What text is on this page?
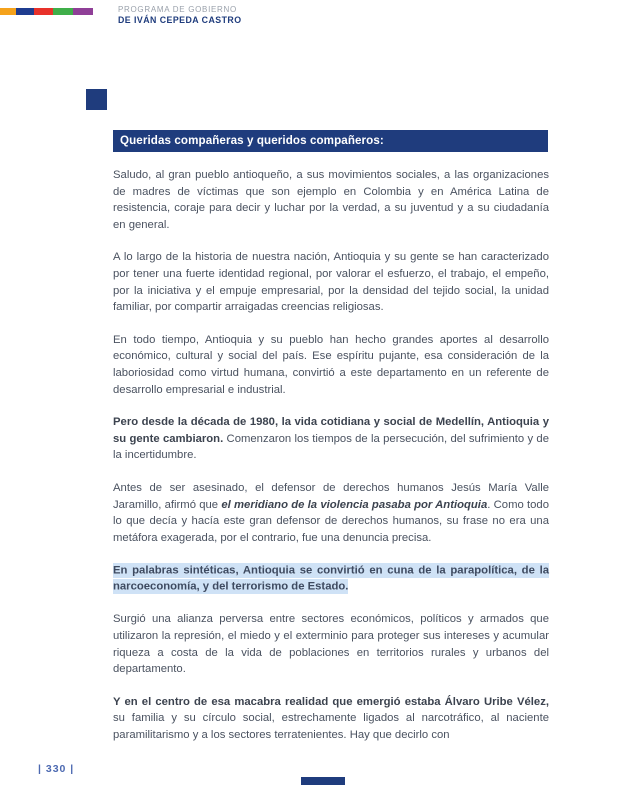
PROGRAMA DE GOBIERNO
DE IVÁN CEPEDA CASTRO
Queridas compañeras y queridos compañeros:

Saludo, al gran pueblo antioqueño, a sus movimientos sociales, a las organizaciones de madres de víctimas que son ejemplo en Colombia y en América Latina de resistencia, coraje para decir y luchar por la verdad, a su juventud y a su ciudadanía en general.

A lo largo de la historia de nuestra nación, Antioquia y su gente se han caracterizado por tener una fuerte identidad regional, por valorar el esfuerzo, el trabajo, el empeño, por la iniciativa y el empuje empresarial, por la densidad del tejido social, la unidad familiar, por compartir arraigadas creencias religiosas.

En todo tiempo, Antioquia y su pueblo han hecho grandes aportes al desarrollo económico, cultural y social del país. Ese espíritu pujante, esa consideración de la laboriosidad como virtud humana, convirtió a este departamento en un referente de desarrollo empresarial e industrial.

Pero desde la década de 1980, la vida cotidiana y social de Medellín, Antioquia y su gente cambiaron. Comenzaron los tiempos de la persecución, del sufrimiento y de la incertidumbre.

Antes de ser asesinado, el defensor de derechos humanos Jesús María Valle Jaramillo, afirmó que el meridiano de la violencia pasaba por Antioquia. Como todo lo que decía y hacía este gran defensor de derechos humanos, su frase no era una metáfora exagerada, por el contrario, fue una denuncia precisa.

En palabras sintéticas, Antioquia se convirtió en cuna de la parapolítica, de la narcoeconomía, y del terrorismo de Estado.

Surgió una alianza perversa entre sectores económicos, políticos y armados que utilizaron la represión, el miedo y el exterminio para proteger sus intereses y acumular riqueza a costa de la vida de poblaciones en territorios rurales y urbanos del departamento.

Y en el centro de esa macabra realidad que emergió estaba Álvaro Uribe Vélez, su familia y su círculo social, estrechamente ligados al narcotráfico, al naciente paramilitarismo y a los sectores terratenientes. Hay que decirlo con

| 330 |
